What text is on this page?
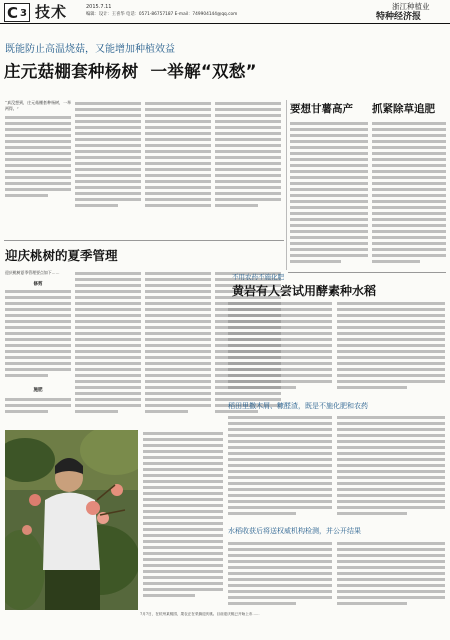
C 3 技术	2015.7.11
编辑：设计：王喜华 电话：0571-86757187 E-mail：749904144@qq.com
浙江种植业
特种经济报
既能防止高温烧菇，又能增加种植效益
庄元菇棚套种杨树  一举解“双愁”
“真没想到，庄元菇棚套种杨树，一举两得。”	要想甘薯高产 抓紧除草追肥
迎庆桃树的夏季管理
迎庆桃树夏季管理要点如下……
修剪
施肥
7月7日，在杭州某桃园，果农正在采摘迎庆桃。目前迎庆桃已开始上市……
不用农药不施化肥
黄岩有人尝试用酵素种水稻
稻田里撒木屑、糠醛渣，既是不施化肥和农药
水稻收获后将送权威机构检测，并公开结果
